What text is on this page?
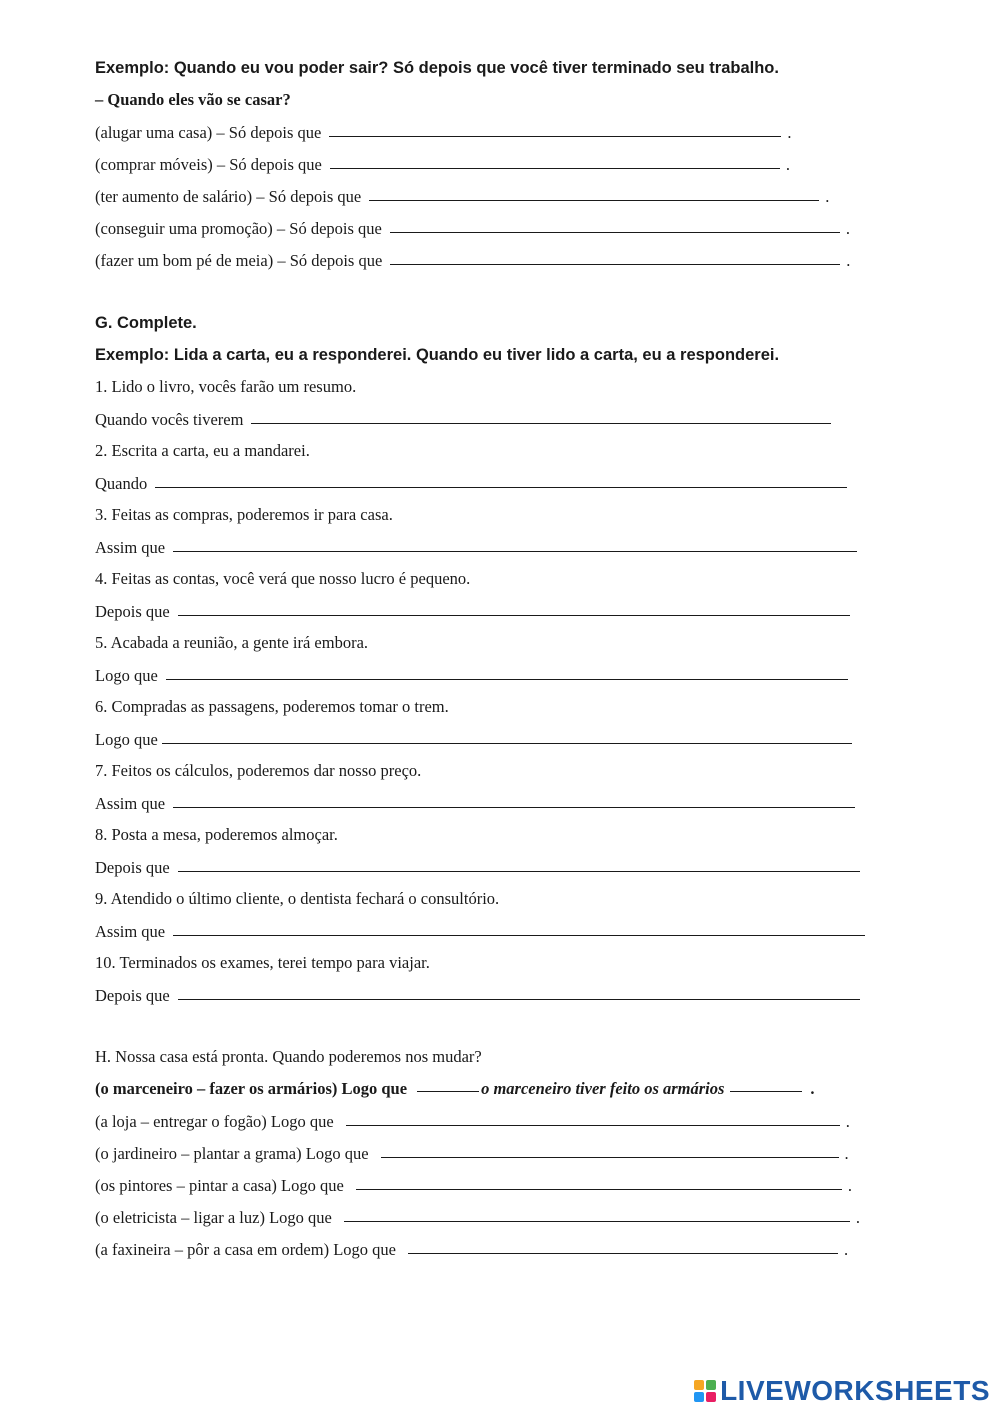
Exemplo: Quando eu vou poder sair? Só depois que você tiver terminado seu trabalho.
– Quando eles vão se casar?
(alugar uma casa) – Só depois que	.
(comprar móveis) – Só depois que	.
(ter aumento de salário) – Só depois que	.
(conseguir uma promoção) – Só depois que	.
(fazer um bom pé de meia) – Só depois que	.
G. Complete.
Exemplo: Lida a carta, eu a responderei. Quando eu tiver lido a carta, eu a responderei.
1. Lido o livro, vocês farão um resumo.
Quando vocês tiverem
2. Escrita a carta, eu a mandarei.
Quando
3. Feitas as compras, poderemos ir para casa.
Assim que
4. Feitas as contas, você verá que nosso lucro é pequeno.
Depois que
5. Acabada a reunião, a gente irá embora.
Logo que
6. Compradas as passagens, poderemos tomar o trem.
Logo que
7. Feitos os cálculos, poderemos dar nosso preço.
Assim que
8. Posta a mesa, poderemos almoçar.
Depois que
9. Atendido o último cliente, o dentista fechará o consultório.
Assim que
10. Terminados os exames, terei tempo para viajar.
Depois que
H. Nossa casa está pronta. Quando poderemos nos mudar?
(o marceneiro – fazer os armários) Logo que	o marceneiro tiver feito os armários	.
(a loja – entregar o fogão) Logo que	.
(o jardineiro – plantar a grama) Logo que	.
(os pintores – pintar a casa) Logo que	.
(o eletricista – ligar a luz) Logo que	.
(a faxineira – pôr a casa em ordem) Logo que	.
LIVEWORKSHEETS
